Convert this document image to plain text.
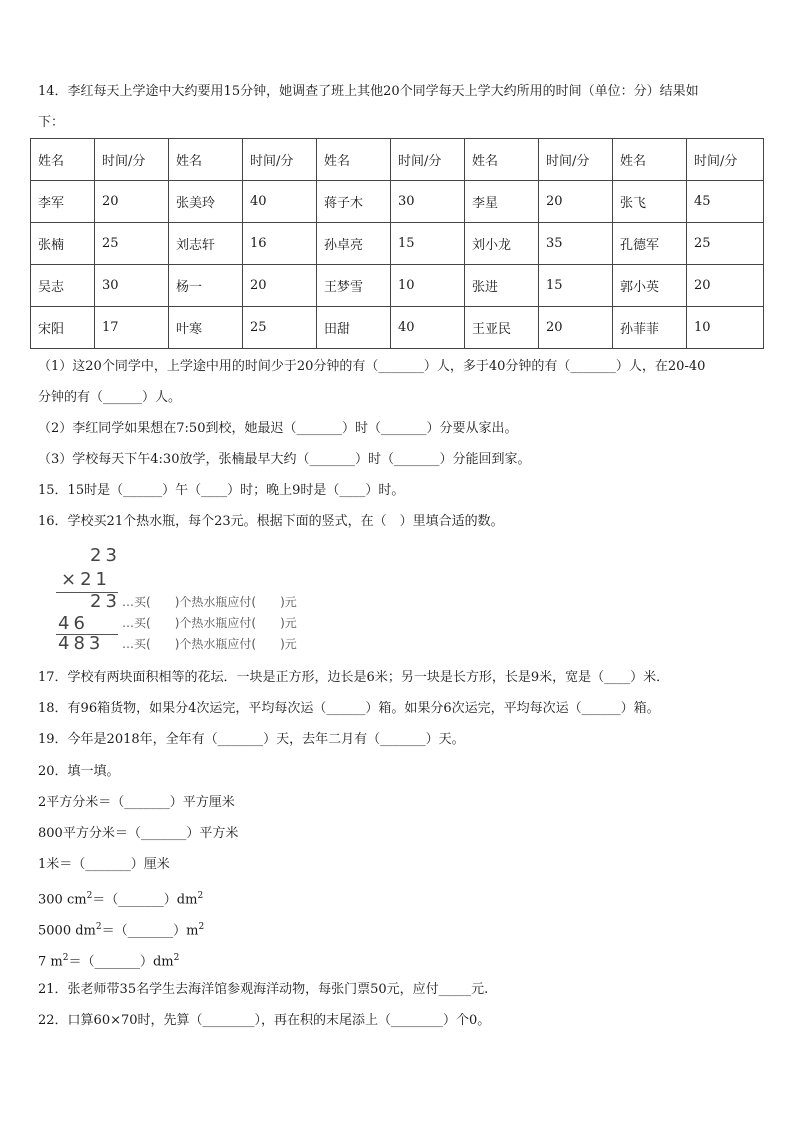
14．李红每天上学途中大约要用15分钟，她调查了班上其他20个同学每天上学大约所用的时间（单位：分）结果如
下：
姓名	时间/分	姓名	时间/分	姓名	时间/分	姓名	时间/分	姓名	时间/分
李军	20	张美玲	40	蒋子木	30	李星	20	张飞	45
张楠	25	刘志轩	16	孙卓亮	15	刘小龙	35	孔德军	25
吴志	30	杨一	20	王梦雪	10	张进	15	郭小英	20
宋阳	17	叶寒	25	田甜	40	王亚民	20	孙菲菲	10
（1）这20个同学中，上学途中用的时间少于20分钟的有（_______）人，多于40分钟的有（_______）人，在20-40
分钟的有（______）人。
（2）李红同学如果想在7:50到校，她最迟（_______）时（_______）分要从家出。
（3）学校每天下午4:30放学，张楠最早大约（_______）时（_______）分能回到家。
15．15时是（______）午（____）时；晚上9时是（____）时。
16．学校买21个热水瓶，每个23元。根据下面的竖式，在（　）里填合适的数。
23
×21
23
46
483
…买(　　 )个热水瓶应付(　　 )元
…买(　　 )个热水瓶应付(　　 )元
…买(　　 )个热水瓶应付(　　 )元
17．学校有两块面积相等的花坛．一块是正方形，边长是6米；另一块是长方形，长是9米，宽是（____）米．
18．有96箱货物，如果分4次运完，平均每次运（______）箱。如果分6次运完，平均每次运（______）箱。
19．今年是2018年，全年有（_______）天，去年二月有（_______）天。
20．填一填。
2平方分米＝（_______）平方厘米
800平方分米＝（_______）平方米
1米＝（_______）厘米
300 $cm^2=(\_\_\_\_\_\_\_)dm^2$
5000 $dm^2=(\_\_\_\_\_\_\_)m^2$
7 $m^2=(\_\_\_\_\_\_\_)dm^2$
21．张老师带35名学生去海洋馆参观海洋动物，每张门票50元，应付_____元.
22．口算60×70时，先算（________），再在积的末尾添上（________）个0。
